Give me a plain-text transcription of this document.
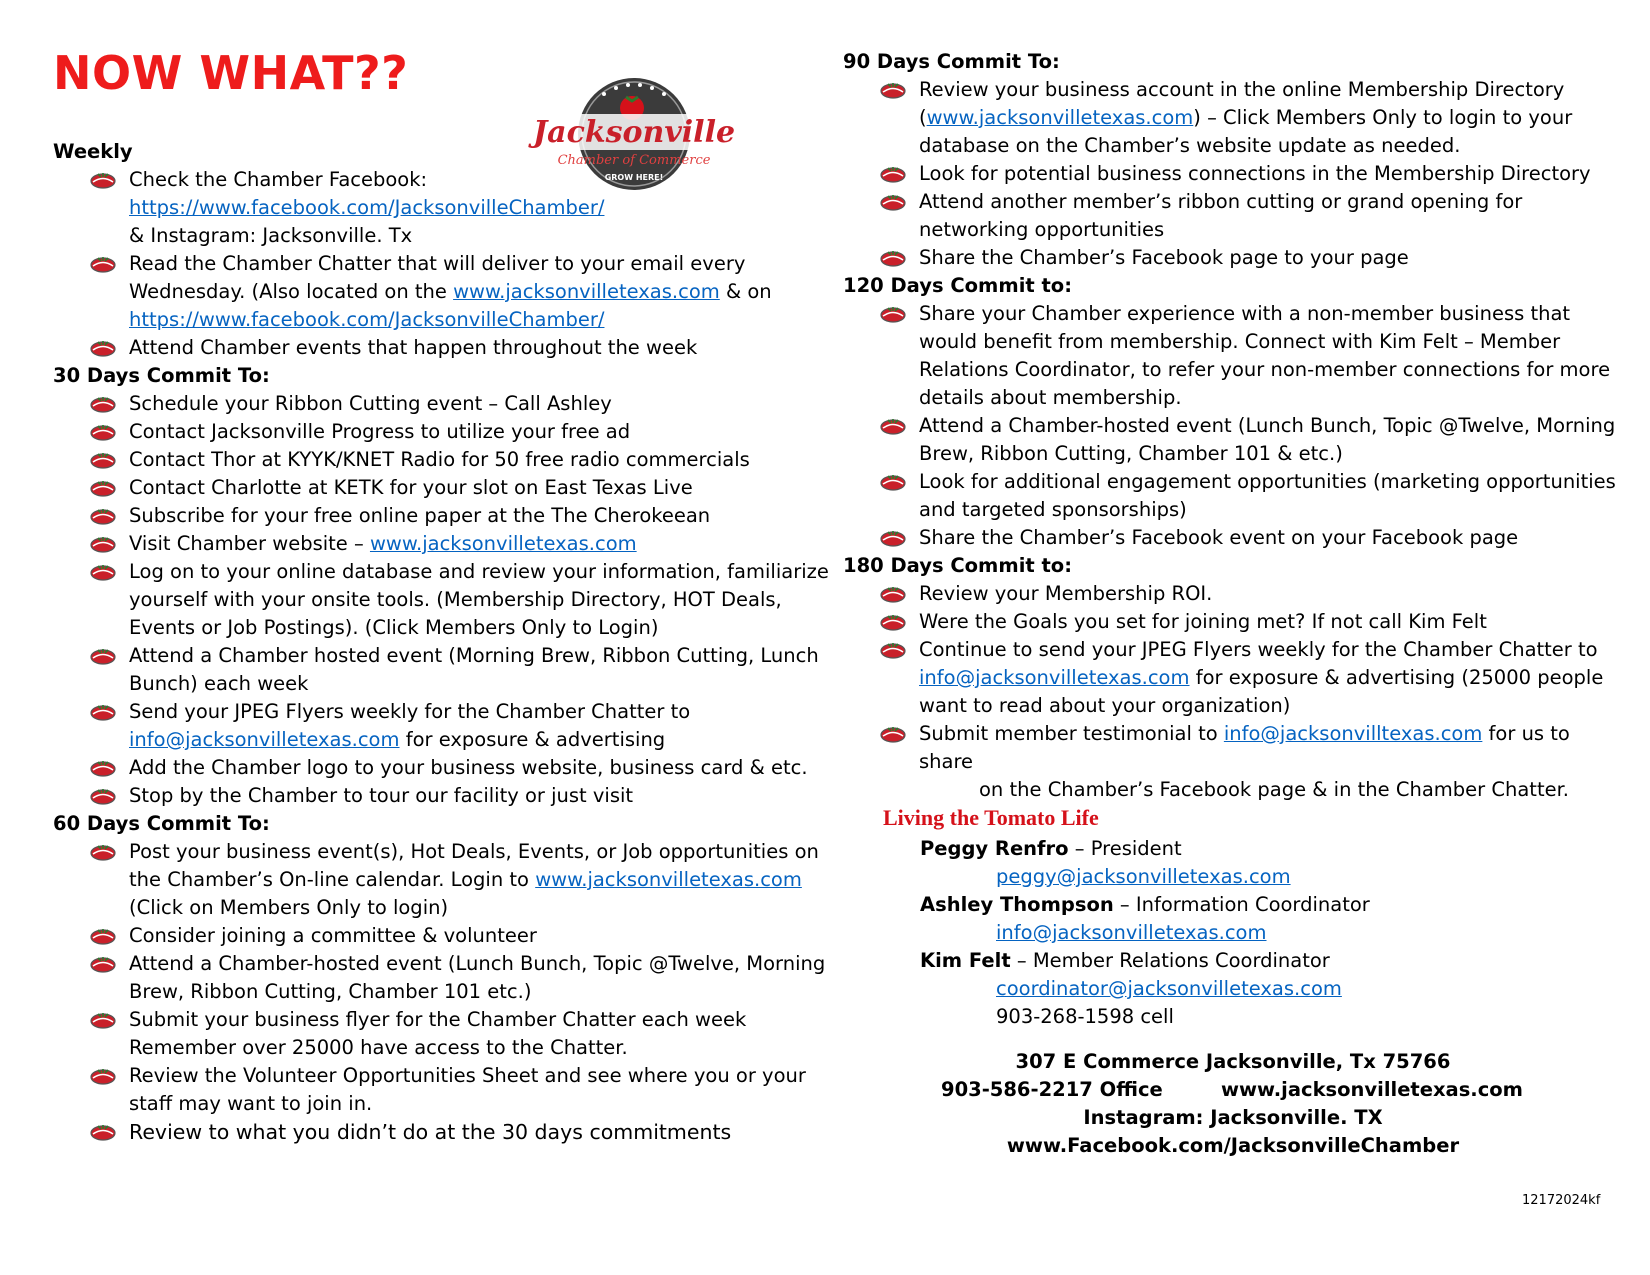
NOW WHAT??
Jacksonville
Chamber of Commerce
GROW HERE!
Weekly
Check the Chamber Facebook:
https://www.facebook.com/JacksonvilleChamber/
& Instagram: Jacksonville. Tx
Read the Chamber Chatter that will deliver to your email every
Wednesday. (Also located on the www.jacksonvilletexas.com & on
https://www.facebook.com/JacksonvilleChamber/
Attend Chamber events that happen throughout the week
30 Days Commit To:
Schedule your Ribbon Cutting event – Call Ashley
Contact Jacksonville Progress to utilize your free ad
Contact Thor at KYYK/KNET Radio for 50 free radio commercials
Contact Charlotte at KETK for your slot on East Texas Live
Subscribe for your free online paper at the The Cherokeean
Visit Chamber website – www.jacksonvilletexas.com
Log on to your online database and review your information, familiarize yourself with your onsite tools. (Membership Directory, HOT Deals, Events or Job Postings). (Click Members Only to Login)
Attend a Chamber hosted event (Morning Brew, Ribbon Cutting, Lunch Bunch) each week
Send your JPEG Flyers weekly for the Chamber Chatter to
info@jacksonvilletexas.com for exposure & advertising
Add the Chamber logo to your business website, business card & etc.
Stop by the Chamber to tour our facility or just visit
60 Days Commit To:
Post your business event(s), Hot Deals, Events, or Job opportunities on the Chamber’s On-line calendar. Login to www.jacksonvilletexas.com (Click on Members Only to login)
Consider joining a committee & volunteer
Attend a Chamber-hosted event (Lunch Bunch, Topic @Twelve, Morning Brew, Ribbon Cutting, Chamber 101 etc.)
Submit your business flyer for the Chamber Chatter each week Remember over 25000 have access to the Chatter.
Review the Volunteer Opportunities Sheet and see where you or your staff may want to join in.
Review to what you didn’t do at the 30 days commitments
90 Days Commit To:
Review your business account in the online Membership Directory (www.jacksonvilletexas.com) – Click Members Only to login to your database on the Chamber’s website update as needed.
Look for potential business connections in the Membership Directory
Attend another member’s ribbon cutting or grand opening for networking opportunities
Share the Chamber’s Facebook page to your page
120 Days Commit to:
Share your Chamber experience with a non-member business that would benefit from membership. Connect with Kim Felt – Member Relations Coordinator, to refer your non-member connections for more details about membership.
Attend a Chamber-hosted event (Lunch Bunch, Topic @Twelve, Morning Brew, Ribbon Cutting, Chamber 101 & etc.)
Look for additional engagement opportunities (marketing opportunities and targeted sponsorships)
Share the Chamber’s Facebook event on your Facebook page
180 Days Commit to:
Review your Membership ROI.
Were the Goals you set for joining met? If not call Kim Felt
Continue to send your JPEG Flyers weekly for the Chamber Chatter to info@jacksonvilletexas.com for exposure & advertising (25000 people want to read about your organization)
Submit member testimonial to info@jacksonvilltexas.com for us to share
on the Chamber’s Facebook page & in the Chamber Chatter.
Living the Tomato Life
Peggy Renfro – President
peggy@jacksonvilletexas.com
Ashley Thompson – Information Coordinator
info@jacksonvilletexas.com
Kim Felt – Member Relations Coordinator
coordinator@jacksonvilletexas.com
903-268-1598 cell
307 E Commerce Jacksonville, Tx 75766
903-586-2217 Office	www.jacksonvilletexas.com
Instagram: Jacksonville. TX
www.Facebook.com/JacksonvilleChamber
12172024kf
